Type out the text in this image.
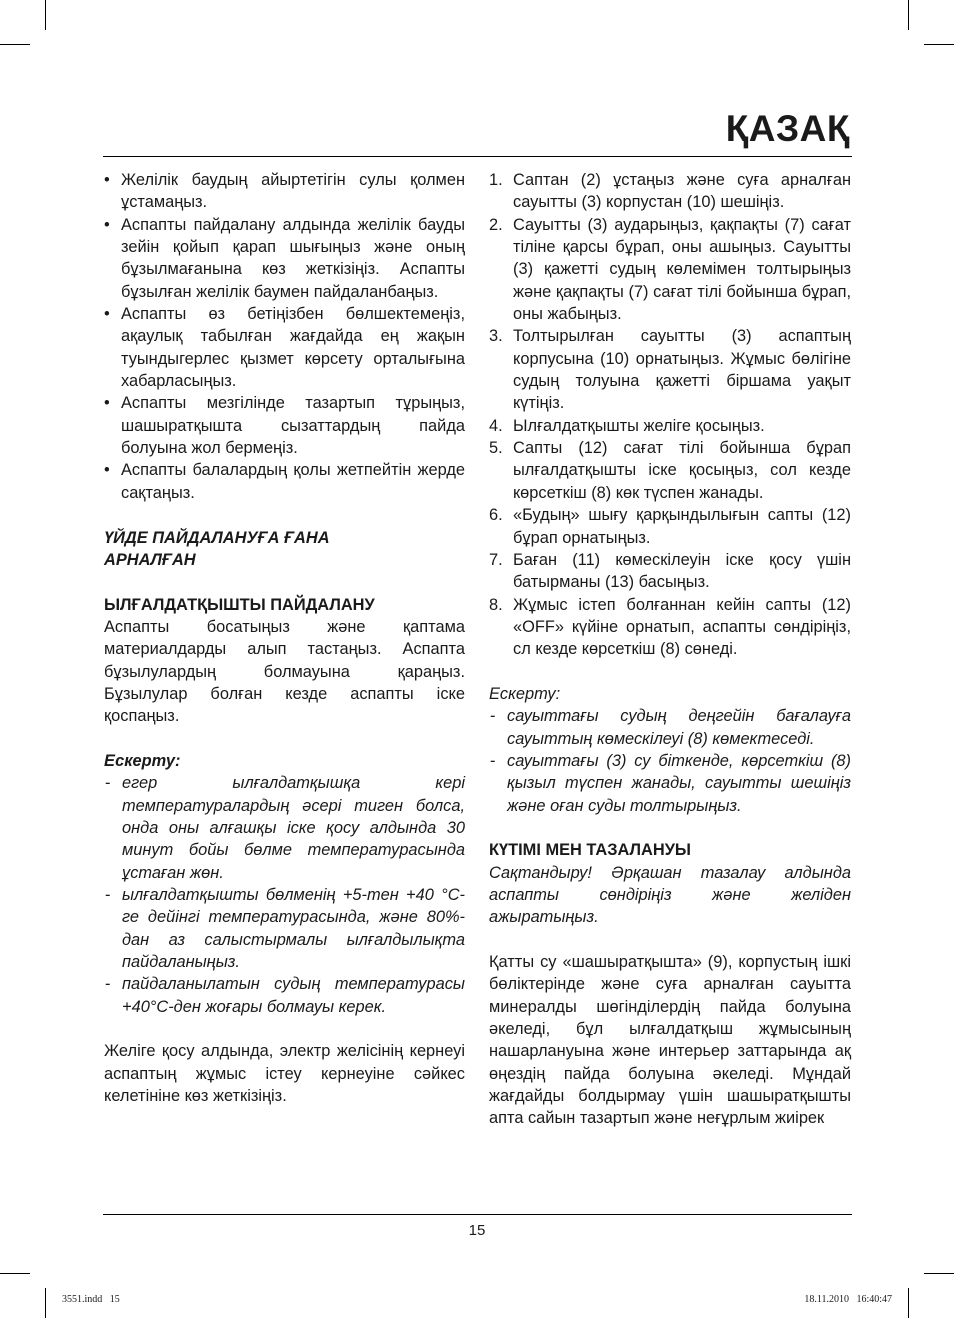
ҚАЗАҚ
• Желілік баудың айыртетігін сулы қолмен ұстамаңыз.
• Аспапты пайдалану алдында желілік бауды зейін қойып қарап шығыңыз және оның бұзылмағанына көз жеткізіңіз. Аспапты бұзылған желілік баумен пайдаланбаңыз.
• Аспапты өз бетіңізбен бөлшектемеңіз, ақаулық табылған жағдайда ең жақын туындыгерлес қызмет көрсету орталығына хабарласыңыз.
• Аспапты мезгілінде тазартып тұрыңыз, шашыратқышта сызаттардың пайда болуына жол бермеңіз.
• Аспапты балалардың қолы жетпейтін жерде сақтаңыз.
ҮЙДЕ ПАЙДАЛАНУҒА ҒАНА
АРНАЛҒАН
ЫЛҒАЛДАТҚЫШТЫ ПАЙДАЛАНУ
Аспапты босатыңыз және қаптама материалдарды алып тастаңыз. Аспапта бұзылулардың болмауына қараңыз. Бұзылулар болған кезде аспапты іске қоспаңыз.
Ескерту:
- егер ылғалдатқышқа кері температуралардың әсері тиген болса, онда оны алғашқы іске қосу алдында 30 минут бойы бөлме температурасында ұстаған жөн.
- ылғалдатқышты бөлменің +5-тен +40 °С-ге дейінгі температурасында, және 80%-дан аз салыстырмалы ылғалдылықта пайдаланыңыз.
- пайдаланылатын судың температурасы +40°С-ден жоғары болмауы керек.
Желіге қосу алдында, электр желісінің кернеуі аспаптың жұмыс істеу кернеуіне сәйкес келетініне көз жеткізіңіз.
1. Саптан (2) ұстаңыз және суға арналған сауытты (3) корпустан (10) шешіңіз.
2. Сауытты (3) аударыңыз, қақпақты (7) сағат тіліне қарсы бұрап, оны ашыңыз. Сауытты (3) қажетті судың көлемімен толтырыңыз және қақпақты (7) сағат тілі бойынша бұрап, оны жабыңыз.
3. Толтырылған сауытты (3) аспаптың корпусына (10) орнатыңыз. Жұмыс бөлігіне судың толуына қажетті біршама уақыт күтіңіз.
4. Ылғалдатқышты желіге қосыңыз.
5. Сапты (12) сағат тілі бойынша бұрап ылғалдатқышты іске қосыңыз, сол кезде көрсеткіш (8) көк түспен жанады.
6. «Будың» шығу қарқындылығын сапты (12) бұрап орнатыңыз.
7. Баған (11) көмескілеуін іске қосу үшін батырманы (13) басыңыз.
8. Жұмыс істеп болғаннан кейін сапты (12) «OFF» күйіне орнатып, аспапты сөндіріңіз, сл кезде көрсеткіш (8) сөнеді.
Ескерту:
- сауыттағы судың деңгейін бағалауға сауыттың көмескілеуі (8) көмектеседі.
- сауыттағы (3) су біткенде, көрсеткіш (8) қызыл түспен жанады, сауытты шешіңіз және оған суды толтырыңыз.
КҮТІМІ МЕН ТАЗАЛАНУЫ
Сақтандыру! Әрқашан тазалау алдында аспапты сөндіріңіз және желіден ажыратыңыз.
Қатты су «шашыратқышта» (9), корпустың ішкі бөліктерінде және суға арналған сауытта минералды шөгінділердің пайда болуына әкеледі, бұл ылғалдатқыш жұмысының нашарлануына және интерьер заттарында ақ өңездің пайда болуына әкеледі. Мұндай жағдайды болдырмау үшін шашыратқышты апта сайын тазартып және неғұрлым жиірек
15
3551.indd   15	18.11.2010   16:40:47
